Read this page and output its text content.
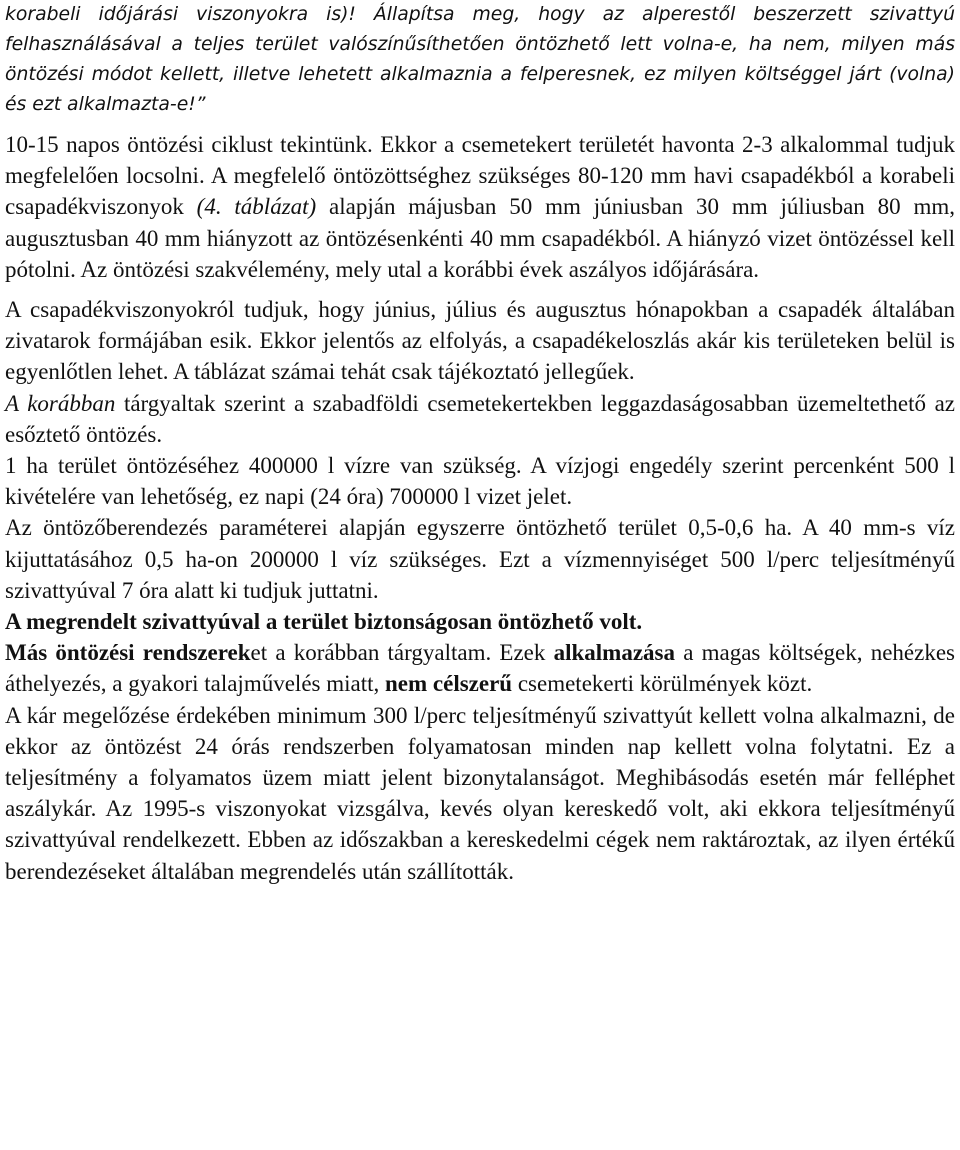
korabeli időjárási viszonyokra is)! Állapítsa meg, hogy az alperestől beszerzett szivattyú felhasználásával a teljes terület valószínűsíthetően öntözhető lett volna-e, ha nem, milyen más öntözési módot kellett, illetve lehetett alkalmaznia a felperesnek, ez milyen költséggel járt (volna) és ezt alkalmazta-e!”

10-15 napos öntözési ciklust tekintünk. Ekkor a csemetekert területét havonta 2-3 alkalommal tudjuk megfelelően locsolni. A megfelelő öntözöttséghez szükséges 80-120 mm havi csapadékból a korabeli csapadékviszonyok (4. táblázat) alapján májusban 50 mm júniusban 30 mm júliusban 80 mm, augusztusban 40 mm hiányzott az öntözésenkénti 40 mm csapadékból. A hiányzó vizet öntözéssel kell pótolni. Az öntözési szakvélemény, mely utal a korábbi évek aszályos időjárására.

A csapadékviszonyokról tudjuk, hogy június, július és augusztus hónapokban a csapadék általában zivatarok formájában esik. Ekkor jelentős az elfolyás, a csapadékeloszlás akár kis területeken belül is egyenlőtlen lehet. A táblázat számai tehát csak tájékoztató jellegűek.

A korábban tárgyaltak szerint a szabadföldi csemetekertekben leggazdaságosabban üzemeltethető az esőztető öntözés.

1 ha terület öntözéséhez 400000 l vízre van szükség. A vízjogi engedély szerint percenként 500 l kivételére van lehetőség, ez napi (24 óra) 700000 l vizet jelet.

Az öntözőberendezés paraméterei alapján egyszerre öntözhető terület 0,5-0,6 ha. A 40 mm-s víz kijuttatásához 0,5 ha-on 200000 l víz szükséges. Ezt a vízmennyiséget 500 l/perc teljesítményű szivattyúval 7 óra alatt ki tudjuk juttatni.

A megrendelt szivattyúval a terület biztonságosan öntözhető volt.

Más öntözési rendszereket a korábban tárgyaltam. Ezek alkalmazása a magas költségek, nehézkes áthelyezés, a gyakori talajművelés miatt, nem célszerű csemetekerti körülmények közt.

A kár megelőzése érdekében minimum 300 l/perc teljesítményű szivattyút kellett volna alkalmazni, de ekkor az öntözést 24 órás rendszerben folyamatosan minden nap kellett volna folytatni. Ez a teljesítmény a folyamatos üzem miatt jelent bizonytalanságot. Meghibásodás esetén már felléphet aszálykár. Az 1995-s viszonyokat vizsgálva, kevés olyan kereskedő volt, aki ekkora teljesítményű szivattyúval rendelkezett. Ebben az időszakban a kereskedelmi cégek nem raktároztak, az ilyen értékű berendezéseket általában megrendelés után szállították.
